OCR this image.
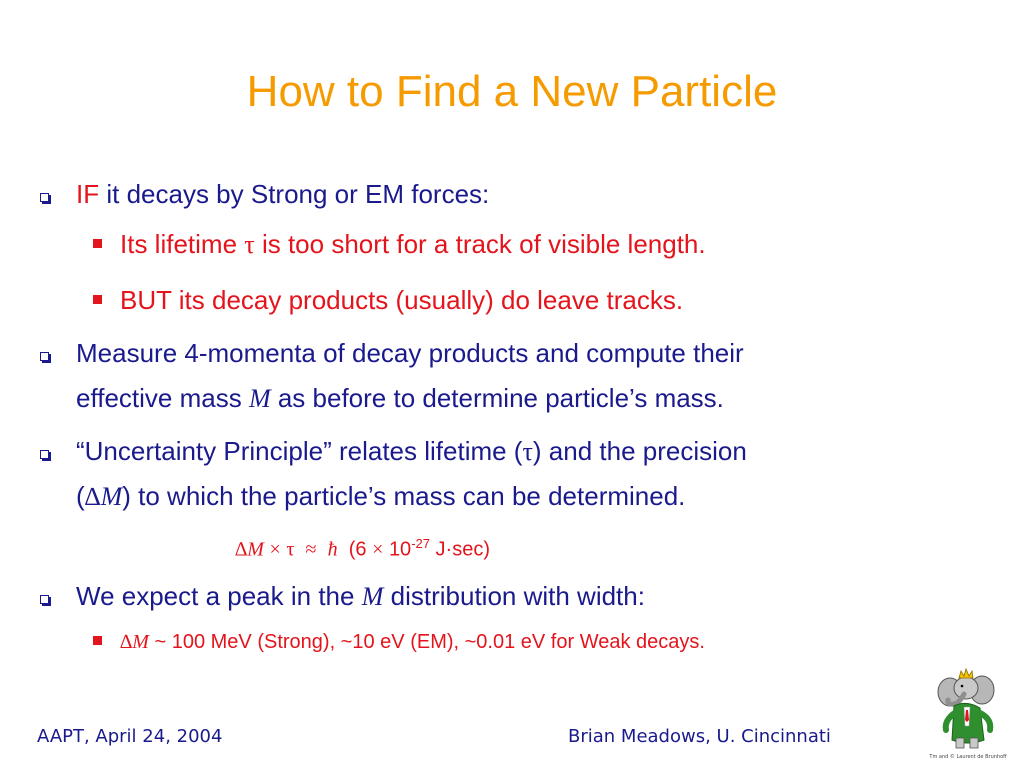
How to Find a New Particle
IF it decays by Strong or EM forces:
Its lifetime τ is too short for a track of visible length.
BUT its decay products (usually) do leave tracks.
Measure 4-momenta of decay products and compute their
effective mass M as before to determine particle’s mass.
“Uncertainty Principle” relates lifetime (τ) and the precision
(∆M) to which the particle’s mass can be determined.
∆M × τ ≈ ħ ($6 \times 10^{-27}$ J·sec)
We expect a peak in the M distribution with width:
∆M ~ 100 MeV (Strong), ~10 eV (EM), ~0.01 eV for Weak decays.
AAPT, April 24, 2004	Brian Meadows, U. Cincinnati
Tm and © Laurent de Brunhoff
